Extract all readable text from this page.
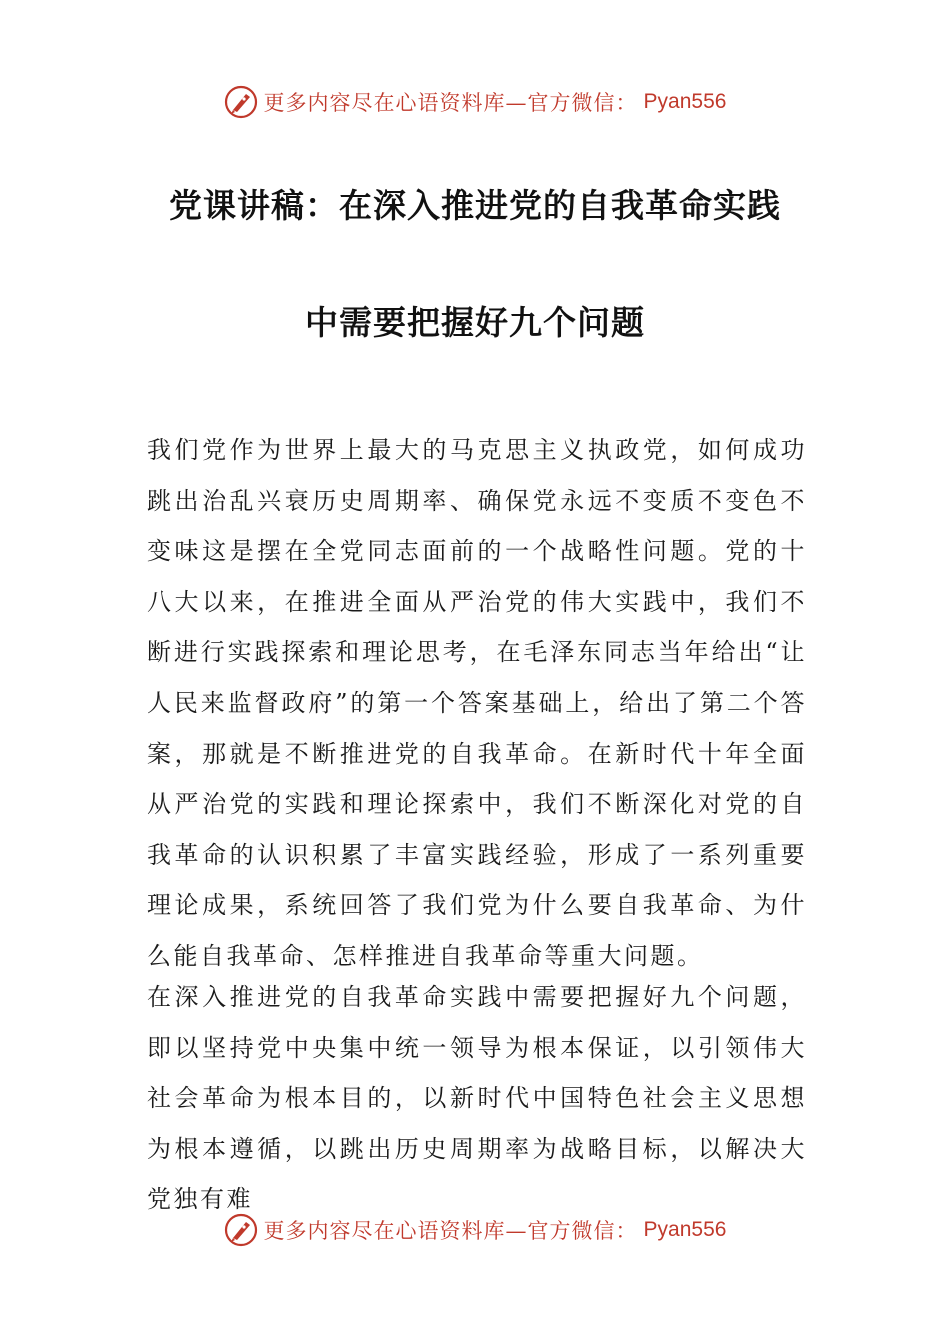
更多内容尽在心语资料库—官方微信： Pyan556
党课讲稿：在深入推进党的自我革命实践
中需要把握好九个问题

我们党作为世界上最大的马克思主义执政党，如何成功跳出治乱兴衰历史周期率、确保党永远不变质不变色不变味这是摆在全党同志面前的一个战略性问题。党的十八大以来，在推进全面从严治党的伟大实践中，我们不断进行实践探索和理论思考，在毛泽东同志当年给出“让人民来监督政府”的第一个答案基础上，给出了第二个答案，那就是不断推进党的自我革命。在新时代十年全面从严治党的实践和理论探索中，我们不断深化对党的自我革命的认识积累了丰富实践经验，形成了一系列重要理论成果，系统回答了我们党为什么要自我革命、为什么能自我革命、怎样推进自我革命等重大问题。

在深入推进党的自我革命实践中需要把握好九个问题，即以坚持党中央集中统一领导为根本保证，以引领伟大社会革命为根本目的，以新时代中国特色社会主义思想为根本遵循，以跳出历史周期率为战略目标，以解决大党独有难

更多内容尽在心语资料库—官方微信： Pyan556
